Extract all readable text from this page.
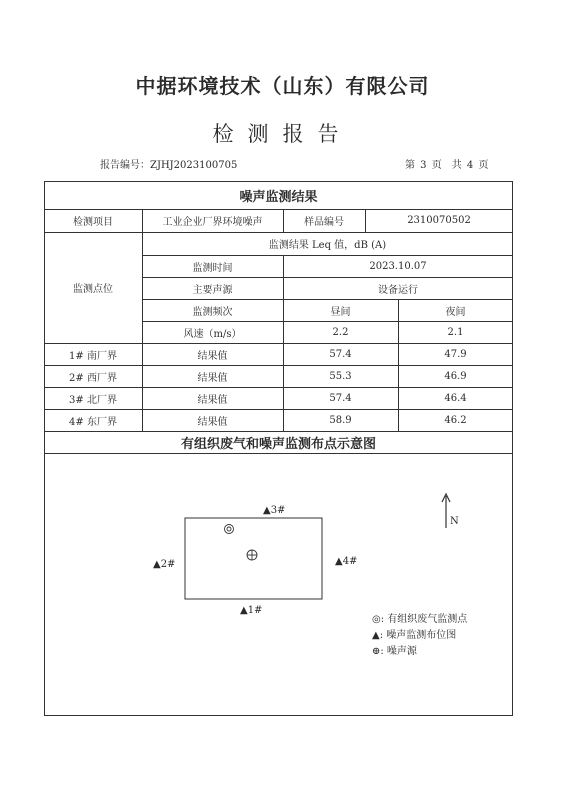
中据环境技术（山东）有限公司
检测报告
报告编号：ZJHJ2023100705	第 3 页　共 4 页
噪声监测结果
检测项目	工业企业厂界环境噪声	样品编号	2310070502
监测点位
监测结果 Leq 值，dB (A)
监测时间	2023.10.07
主要声源	设备运行
监测频次	昼间	夜间
风速（m/s）	2.2	2.1
1# 南厂界	结果值	57.4	47.9
2# 西厂界	结果值	55.3	46.9
3# 北厂界	结果值	57.4	46.4
4# 东厂界	结果值	58.9	46.2
有组织废气和噪声监测布点示意图
N
▲3#
▲2#	▲4#
▲1#
◎: 有组织废气监测点
▲: 噪声监测布位图
⊕: 噪声源
